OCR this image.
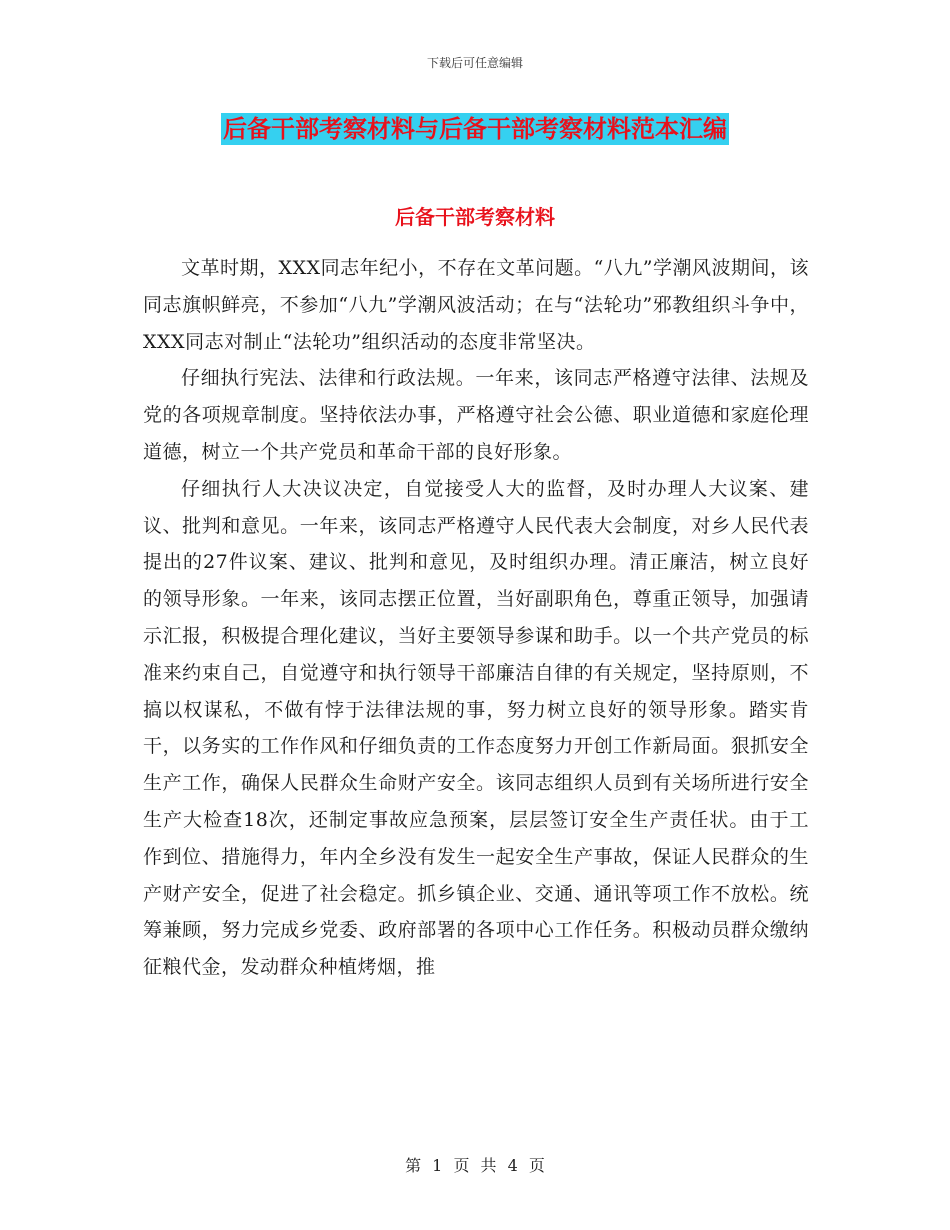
下载后可任意编辑
后备干部考察材料与后备干部考察材料范本汇编
后备干部考察材料

文革时期，XXX同志年纪小，不存在文革问题。“八九”学潮风波期间，该同志旗帜鲜亮，不参加“八九”学潮风波活动；在与“法轮功”邪教组织斗争中，XXX同志对制止“法轮功”组织活动的态度非常坚决。

仔细执行宪法、法律和行政法规。一年来，该同志严格遵守法律、法规及党的各项规章制度。坚持依法办事，严格遵守社会公德、职业道德和家庭伦理道德，树立一个共产党员和革命干部的良好形象。

仔细执行人大决议决定，自觉接受人大的监督，及时办理人大议案、建议、批判和意见。一年来，该同志严格遵守人民代表大会制度，对乡人民代表提出的27件议案、建议、批判和意见，及时组织办理。清正廉洁，树立良好的领导形象。一年来，该同志摆正位置，当好副职角色，尊重正领导，加强请示汇报，积极提合理化建议，当好主要领导参谋和助手。以一个共产党员的标准来约束自己，自觉遵守和执行领导干部廉洁自律的有关规定，坚持原则，不搞以权谋私，不做有悖于法律法规的事，努力树立良好的领导形象。踏实肯干，以务实的工作作风和仔细负责的工作态度努力开创工作新局面。狠抓安全生产工作，确保人民群众生命财产安全。该同志组织人员到有关场所进行安全生产大检查18次，还制定事故应急预案，层层签订安全生产责任状。由于工作到位、措施得力，年内全乡没有发生一起安全生产事故，保证人民群众的生产财产安全，促进了社会稳定。抓乡镇企业、交通、通讯等项工作不放松。统筹兼顾，努力完成乡党委、政府部署的各项中心工作任务。积极动员群众缴纳征粮代金，发动群众种植烤烟，推

第 1 页 共 4 页
